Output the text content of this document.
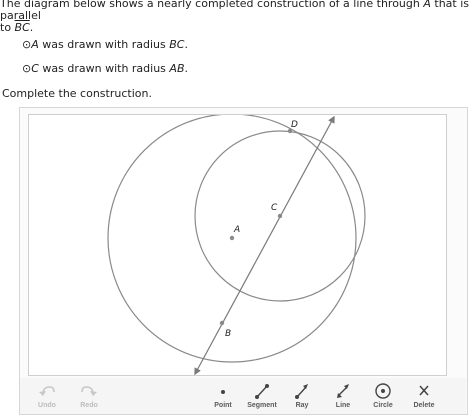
The diagram below shows a nearly completed construction of a line through A that is parallel
to $\overline{BC}$.

⊙A was drawn with radius BC.
⊙C was drawn with radius AB.
Complete the construction.
A
B
C
D
Undo	Redo	Point	Segment	Ray	Line	Circle	Delete
